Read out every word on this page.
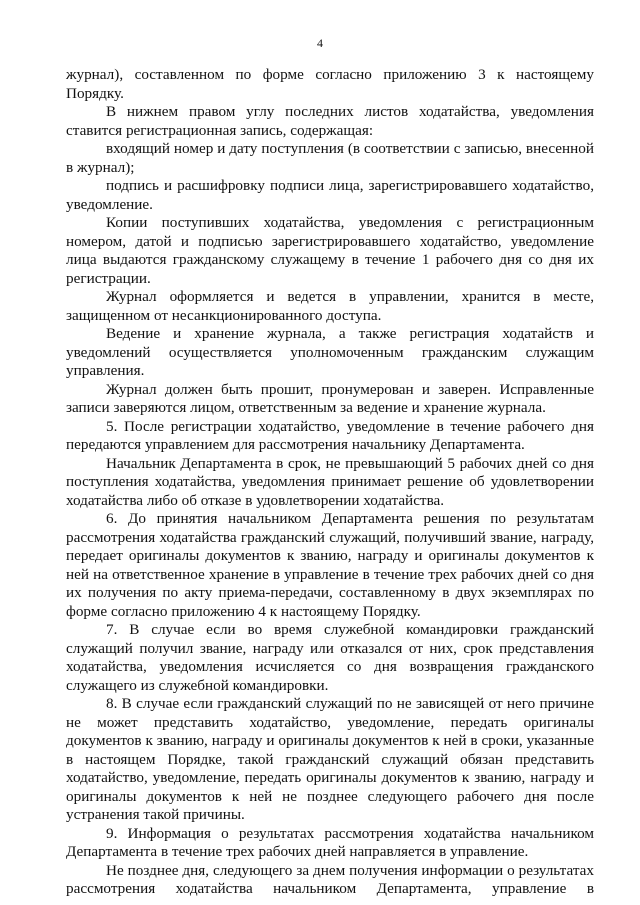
4
журнал), составленном по форме согласно приложению 3 к настоящему
Порядку.
В нижнем правом углу последних листов ходатайства, уведомления
ставится регистрационная запись, содержащая:
входящий номер и дату поступления (в соответствии с записью, внесенной
в журнал);
подпись и расшифровку подписи лица, зарегистрировавшего ходатайство,
уведомление.
Копии поступивших ходатайства, уведомления с регистрационным
номером, датой и подписью зарегистрировавшего ходатайство, уведомление
лица выдаются гражданскому служащему в течение 1 рабочего дня со дня их
регистрации.
Журнал оформляется и ведется в управлении, хранится в месте,
защищенном от несанкционированного доступа.
Ведение и хранение журнала, а также регистрация ходатайств и
уведомлений осуществляется уполномоченным гражданским служащим
управления.
Журнал должен быть прошит, пронумерован и заверен. Исправленные
записи заверяются лицом, ответственным за ведение и хранение журнала.
5. После регистрации ходатайство, уведомление в течение рабочего дня
передаются управлением для рассмотрения начальнику Департамента.
Начальник Департамента в срок, не превышающий 5 рабочих дней со дня
поступления ходатайства, уведомления принимает решение об удовлетворении
ходатайства либо об отказе в удовлетворении ходатайства.
6. До принятия начальником Департамента решения по результатам
рассмотрения ходатайства гражданский служащий, получивший звание, награду,
передает оригиналы документов к званию, награду и оригиналы документов к
ней на ответственное хранение в управление в течение трех рабочих дней со дня
их получения по акту приема-передачи, составленному в двух экземплярах по
форме согласно приложению 4 к настоящему Порядку.
7. В случае если во время служебной командировки гражданский
служащий получил звание, награду или отказался от них, срок представления
ходатайства, уведомления исчисляется со дня возвращения гражданского
служащего из служебной командировки.
8. В случае если гражданский служащий по не зависящей от него причине
не может представить ходатайство, уведомление, передать оригиналы
документов к званию, награду и оригиналы документов к ней в сроки, указанные
в настоящем Порядке, такой гражданский служащий обязан представить
ходатайство, уведомление, передать оригиналы документов к званию, награду и
оригиналы документов к ней не позднее следующего рабочего дня после
устранения такой причины.
9. Информация о результатах рассмотрения ходатайства начальником
Департамента в течение трех рабочих дней направляется в управление.
Не позднее дня, следующего за днем получения информации о результатах
рассмотрения ходатайства начальником Департамента, управление в
